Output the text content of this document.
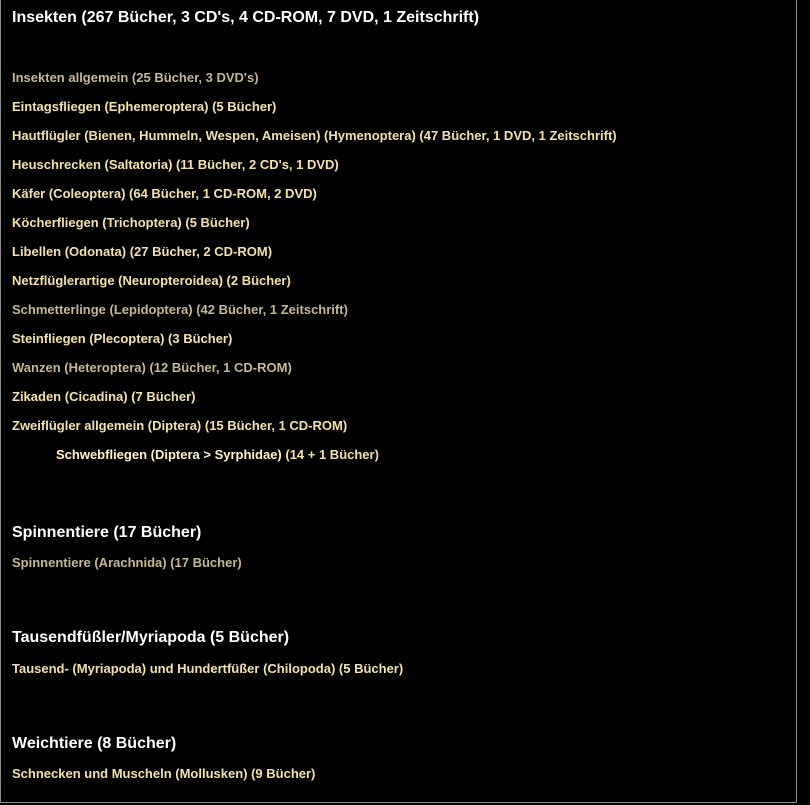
Insekten (267 Bücher, 3 CD's, 4 CD-ROM, 7 DVD, 1 Zeitschrift)
Insekten allgemein (25 Bücher, 3 DVD's)
Eintagsfliegen (Ephemeroptera) (5 Bücher)
Hautflügler (Bienen, Hummeln, Wespen, Ameisen) (Hymenoptera) (47 Bücher, 1 DVD, 1 Zeitschrift)
Heuschrecken (Saltatoria) (11 Bücher, 2 CD's, 1 DVD)
Käfer (Coleoptera) (64 Bücher, 1 CD-ROM, 2 DVD)
Köcherfliegen (Trichoptera) (5 Bücher)
Libellen (Odonata) (27 Bücher, 2 CD-ROM)
Netzflüglerartige (Neuropteroidea) (2 Bücher)
Schmetterlinge (Lepidoptera) (42 Bücher, 1 Zeitschrift)
Steinfliegen (Plecoptera) (3 Bücher)
Wanzen (Heteroptera) (12 Bücher, 1 CD-ROM)
Zikaden (Cicadina) (7 Bücher)
Zweiflügler allgemein (Diptera) (15 Bücher, 1 CD-ROM)
Schwebfliegen (Diptera > Syrphidae) (14 + 1 Bücher)
Spinnentiere (17 Bücher)
Spinnentiere (Arachnida) (17 Bücher)
Tausendfüßler/Myriapoda (5 Bücher)
Tausend- (Myriapoda) und Hundertfüßer (Chilopoda) (5 Bücher)
Weichtiere (8 Bücher)
Schnecken und Muscheln (Mollusken) (9 Bücher)
